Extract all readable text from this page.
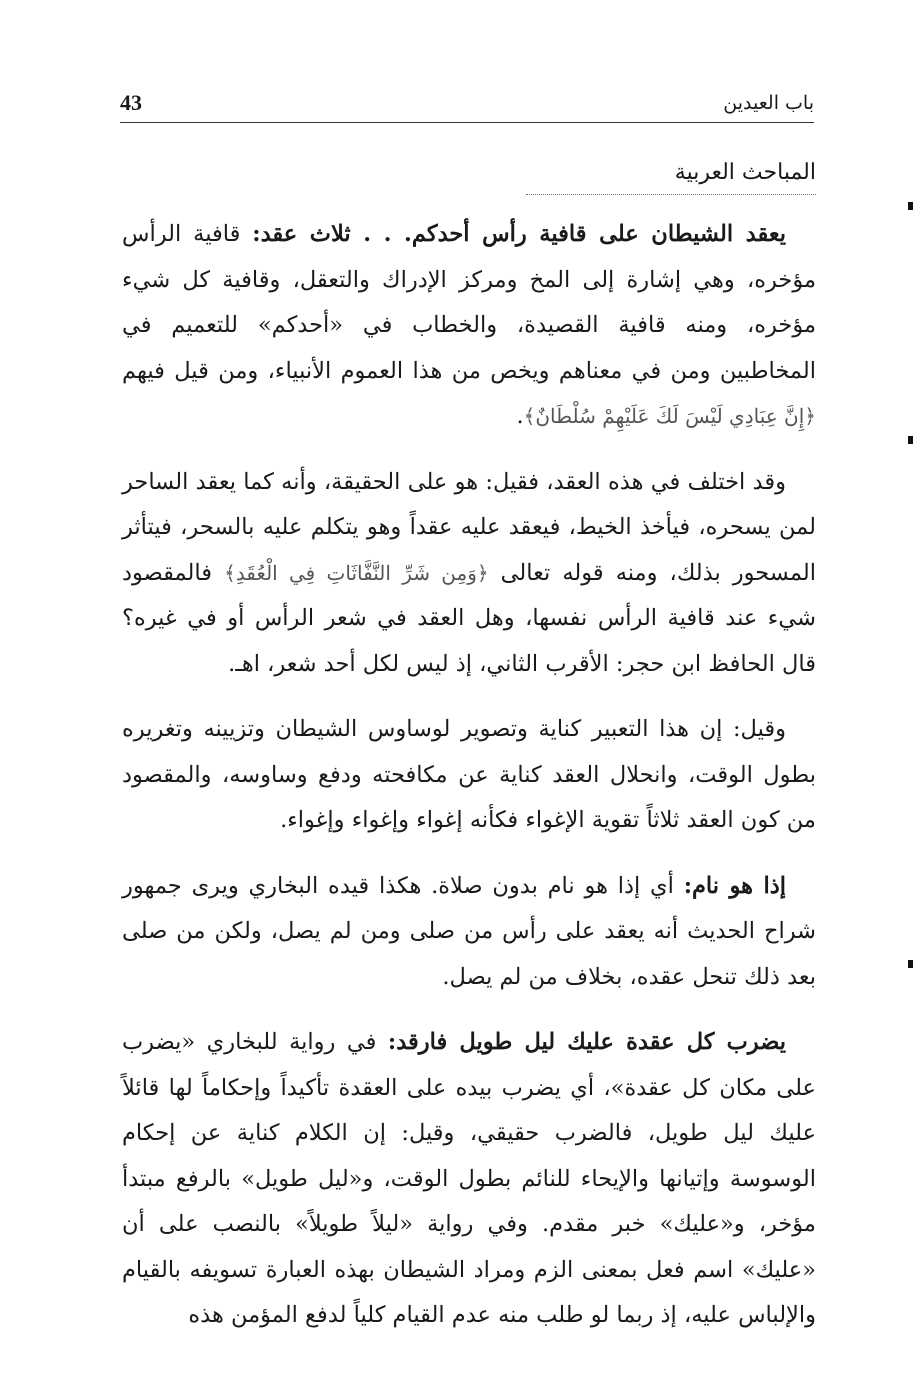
43	باب العيدين
المباحث العربية

يعقد الشيطان على قافية رأس أحدكم. . . ثلاث عقد: قافية الرأس مؤخره، وهي إشارة إلى المخ ومركز الإدراك والتعقل، وقافية كل شيء مؤخره، ومنه قافية القصيدة، والخطاب في «أحدكم» للتعميم في المخاطبين ومن في معناهم ويخص من هذا العموم الأنبياء، ومن قيل فيهم ﴿إِنَّ عِبَادِي لَيْسَ لَكَ عَلَيْهِمْ سُلْطَانٌ﴾.

وقد اختلف في هذه العقد، فقيل: هو على الحقيقة، وأنه كما يعقد الساحر لمن يسحره، فيأخذ الخيط، فيعقد عليه عقداً وهو يتكلم عليه بالسحر، فيتأثر المسحور بذلك، ومنه قوله تعالى ﴿وَمِن شَرِّ النَّفَّاثَاتِ فِي الْعُقَدِ﴾ فالمقصود شيء عند قافية الرأس نفسها، وهل العقد في شعر الرأس أو في غيره؟ قال الحافظ ابن حجر: الأقرب الثاني، إذ ليس لكل أحد شعر، اهـ.

وقيل: إن هذا التعبير كناية وتصوير لوساوس الشيطان وتزيينه وتغريره بطول الوقت، وانحلال العقد كناية عن مكافحته ودفع وساوسه، والمقصود من كون العقد ثلاثاً تقوية الإغواء فكأنه إغواء وإغواء وإغواء.

إذا هو نام: أي إذا هو نام بدون صلاة. هكذا قيده البخاري ويرى جمهور شراح الحديث أنه يعقد على رأس من صلى ومن لم يصل، ولكن من صلى بعد ذلك تنحل عقده، بخلاف من لم يصل.

يضرب كل عقدة عليك ليل طويل فارقد: في رواية للبخاري «يضرب على مكان كل عقدة»، أي يضرب بيده على العقدة تأكيداً وإحكاماً لها قائلاً عليك ليل طويل، فالضرب حقيقي، وقيل: إن الكلام كناية عن إحكام الوسوسة وإتيانها والإيحاء للنائم بطول الوقت، و«ليل طويل» بالرفع مبتدأ مؤخر، و«عليك» خبر مقدم. وفي رواية «ليلاً طويلاً» بالنصب على أن «عليك» اسم فعل بمعنى الزم ومراد الشيطان بهذه العبارة تسويفه بالقيام والإلباس عليه، إذ ربما لو طلب منه عدم القيام كلياً لدفع المؤمن هذه
